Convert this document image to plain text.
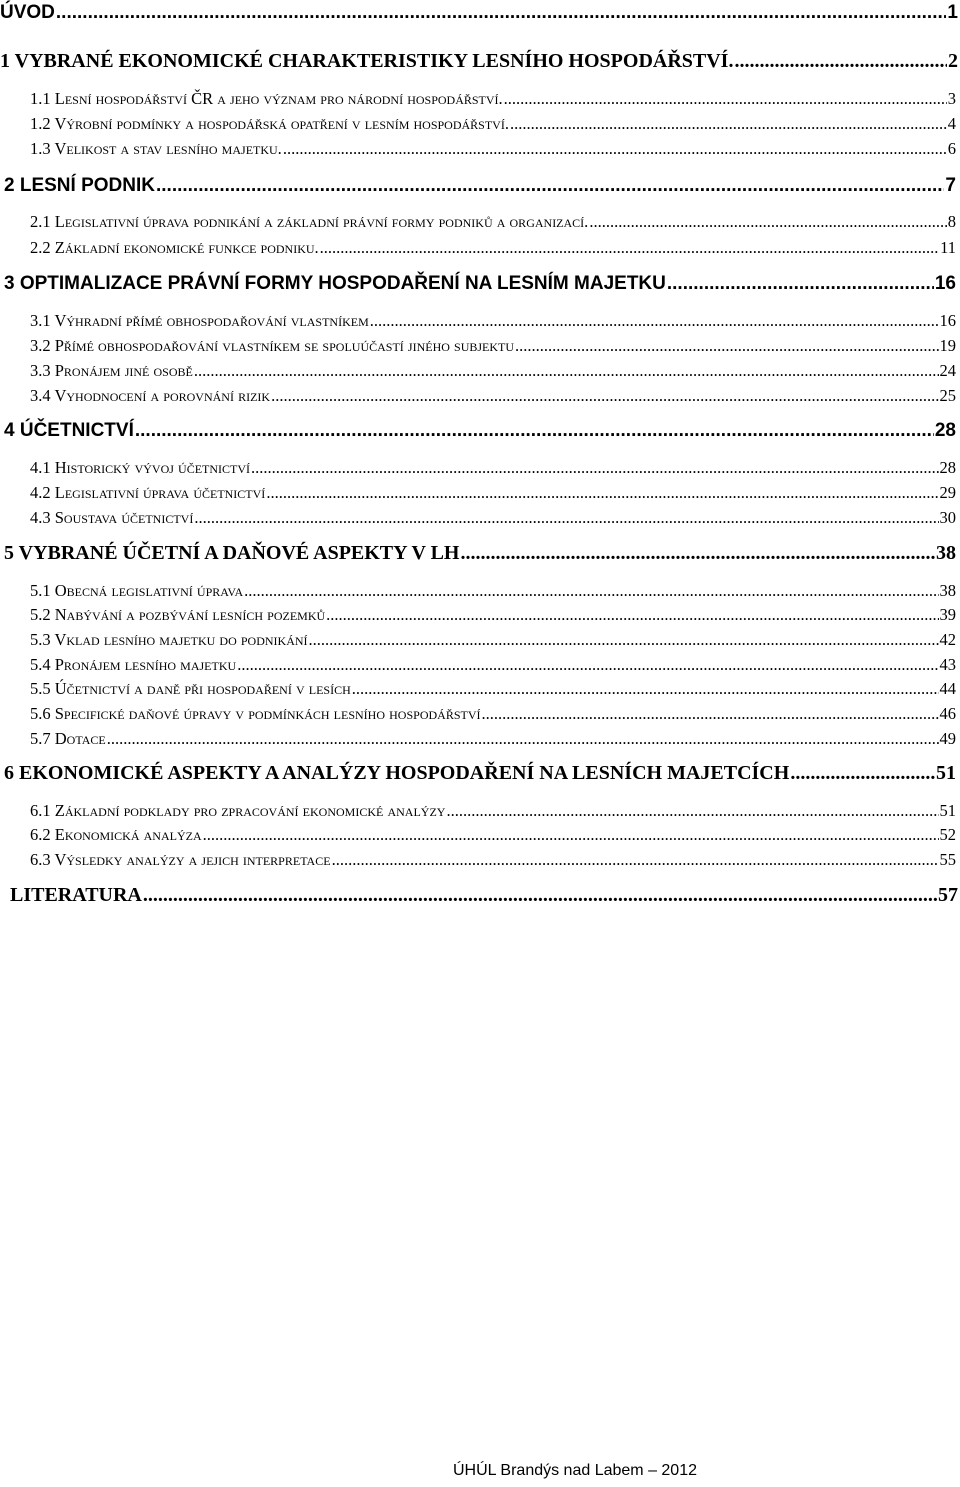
ÚVOD .....	1
1 VYBRANÉ EKONOMICKÉ CHARAKTERISTIKY LESNÍHO HOSPODÁŘSTVÍ. .....	2
1.1 Lesní hospodářství ČR a jeho význam pro národní hospodářství. .....	3
1.2 Výrobní podmínky a hospodářská opatření v lesním hospodářství. .....	4
1.3 Velikost a stav lesního majetku. .....	6
2 LESNÍ PODNIK .....	7
2.1 Legislativní úprava podnikání a základní právní formy podniků a organizací. .....	8
2.2 Základní ekonomické funkce podniku. .....	11
3 OPTIMALIZACE PRÁVNÍ FORMY HOSPODAŘENÍ NA LESNÍM MAJETKU .....	16
3.1 Výhradní přímé obhospodařování vlastníkem .....	16
3.2 Přímé obhospodařování vlastníkem se spoluúčastí jiného subjektu .....	19
3.3 Pronájem jiné osobě .....	24
3.4 Vyhodnocení a porovnání rizik .....	25
4 ÚČETNICTVÍ .....	28
4.1 Historický vývoj účetnictví .....	28
4.2 Legislativní úprava účetnictví .....	29
4.3 Soustava účetnictví .....	30
5 VYBRANÉ ÚČETNÍ A DAŇOVÉ ASPEKTY V LH .....	38
5.1 Obecná legislativní úprava .....	38
5.2 Nabývání a pozbývání lesních pozemků .....	39
5.3 Vklad lesního majetku do podnikání .....	42
5.4 Pronájem lesního majetku .....	43
5.5 Účetnictví a daně při hospodaření v lesích .....	44
5.6 Specifické daňové úpravy v podmínkách lesního hospodářství .....	46
5.7 Dotace .....	49
6 EKONOMICKÉ ASPEKTY A ANALÝZY HOSPODAŘENÍ NA LESNÍCH MAJETCÍCH .....	51
6.1 Základní podklady pro zpracování ekonomické analýzy .....	51
6.2 Ekonomická analýza .....	52
6.3 Výsledky analýzy a jejich interpretace .....	55
LITERATURA .....	57
ÚHÚL Brandýs nad Labem – 2012
